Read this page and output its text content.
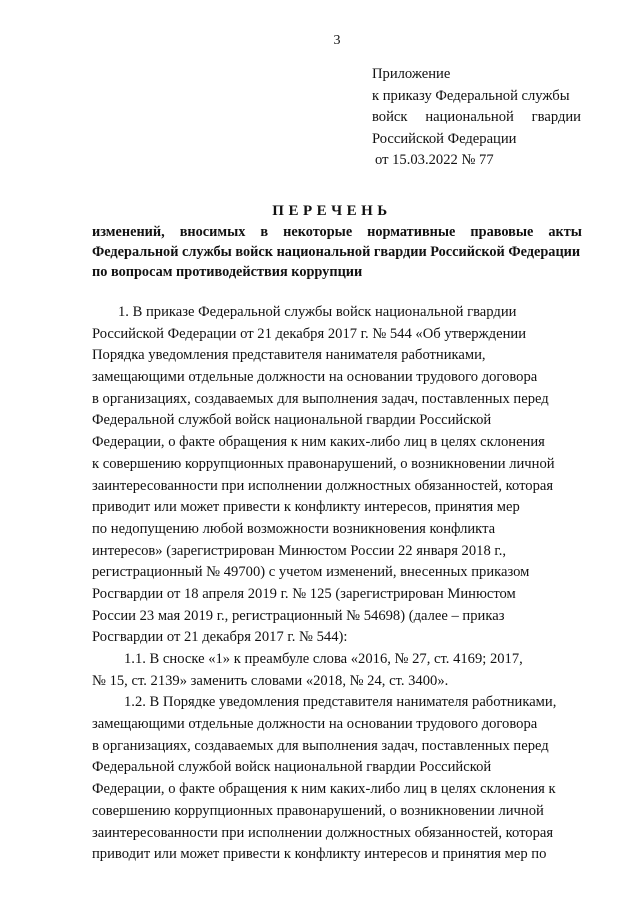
3
Приложение
к приказу Федеральной службы
войск национальной гвардии
Российской Федерации
от 15.03.2022 № 77
ПЕРЕЧЕНЬ
изменений, вносимых в некоторые нормативные правовые акты
Федеральной службы войск национальной гвардии Российской Федерации
по вопросам противодействия коррупции
1. В приказе Федеральной службы войск национальной гвардии
Российской Федерации от 21 декабря 2017 г. № 544 «Об утверждении
Порядка уведомления представителя нанимателя работниками,
замещающими отдельные должности на основании трудового договора
в организациях, создаваемых для выполнения задач, поставленных перед
Федеральной службой войск национальной гвардии Российской
Федерации, о факте обращения к ним каких-либо лиц в целях склонения
к совершению коррупционных правонарушений, о возникновении личной
заинтересованности при исполнении должностных обязанностей, которая
приводит или может привести к конфликту интересов, принятия мер
по недопущению любой возможности возникновения конфликта
интересов» (зарегистрирован Минюстом России 22 января 2018 г.,
регистрационный № 49700) с учетом изменений, внесенных приказом
Росгвардии от 18 апреля 2019 г. № 125 (зарегистрирован Минюстом
России 23 мая 2019 г., регистрационный № 54698) (далее – приказ
Росгвардии от 21 декабря 2017 г. № 544):
1.1. В сноске «1» к преамбуле слова «2016, № 27, ст. 4169; 2017,
№ 15, ст. 2139» заменить словами «2018, № 24, ст. 3400».
1.2. В Порядке уведомления представителя нанимателя работниками,
замещающими отдельные должности на основании трудового договора
в организациях, создаваемых для выполнения задач, поставленных перед
Федеральной службой войск национальной гвардии Российской
Федерации, о факте обращения к ним каких-либо лиц в целях склонения к
совершению коррупционных правонарушений, о возникновении личной
заинтересованности при исполнении должностных обязанностей, которая
приводит или может привести к конфликту интересов и принятия мер по
